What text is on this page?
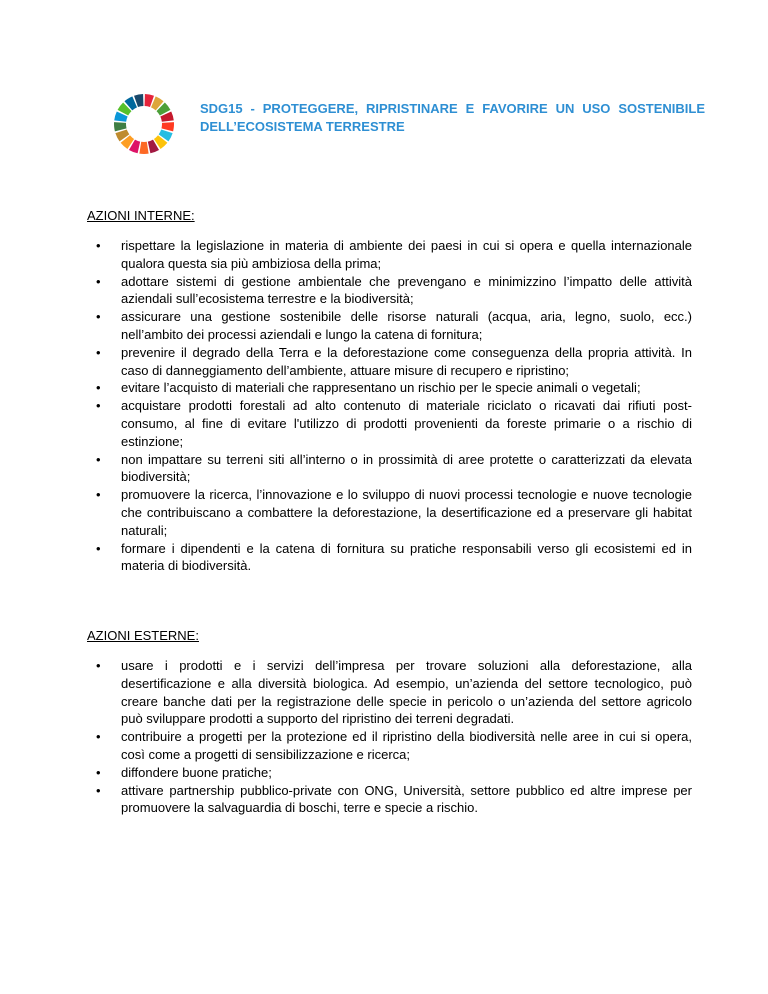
SDG15 - PROTEGGERE, RIPRISTINARE E FAVORIRE UN USO SOSTENIBILE DELL’ECOSISTEMA TERRESTRE

AZIONI INTERNE:
• rispettare la legislazione in materia di ambiente dei paesi in cui si opera e quella internazionale qualora questa sia più ambiziosa della prima;
• adottare sistemi di gestione ambientale che prevengano e minimizzino l’impatto delle attività aziendali sull’ecosistema terrestre e la biodiversità;
• assicurare una gestione sostenibile delle risorse naturali (acqua, aria, legno, suolo, ecc.) nell’ambito dei processi aziendali e lungo la catena di fornitura;
• prevenire il degrado della Terra e la deforestazione come conseguenza della propria attività. In caso di danneggiamento dell’ambiente, attuare misure di recupero e ripristino;
• evitare l’acquisto di materiali che rappresentano un rischio per le specie animali o vegetali;
• acquistare prodotti forestali ad alto contenuto di materiale riciclato o ricavati dai rifiuti post-consumo, al fine di evitare l'utilizzo di prodotti provenienti da foreste primarie o a rischio di estinzione;
• non impattare su terreni siti all’interno o in prossimità di aree protette o caratterizzati da elevata biodiversità;
• promuovere la ricerca, l’innovazione e lo sviluppo di nuovi processi tecnologie e nuove tecnologie che contribuiscano a combattere la deforestazione, la desertificazione ed a preservare gli habitat naturali;
• formare i dipendenti e la catena di fornitura su pratiche responsabili verso gli ecosistemi ed in materia di biodiversità.
AZIONI ESTERNE:
• usare i prodotti e i servizi dell’impresa per trovare soluzioni alla deforestazione, alla desertificazione e alla diversità biologica. Ad esempio, un’azienda del settore tecnologico, può creare banche dati per la registrazione delle specie in pericolo o un’azienda del settore agricolo può sviluppare prodotti a supporto del ripristino dei terreni degradati.
• contribuire a progetti per la protezione ed il ripristino della biodiversità nelle aree in cui si opera, così come a progetti di sensibilizzazione e ricerca;
• diffondere buone pratiche;
• attivare partnership pubblico-private con ONG, Università, settore pubblico ed altre imprese per promuovere la salvaguardia di boschi, terre e specie a rischio.
